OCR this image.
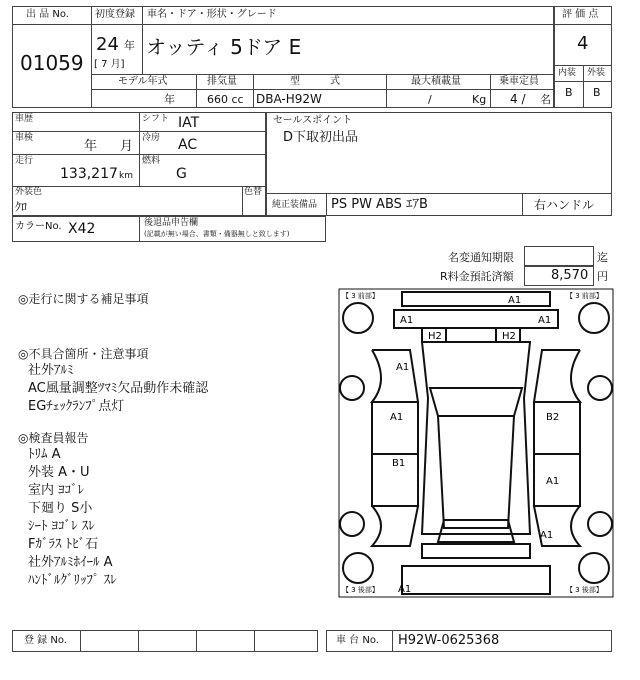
出 品 No.
01059
初度登録 車名・ドア・形状・グレード
24 年
[ 7 月]
オッティ 5ドア E
評 価 点
4
内装 外装
B B
モデル年式	排気量	型　　　式	最大積載量	乗車定員
年	660 cc DBA-H92W	/	Kg 4 / 名
車歴	シフト IAT
車検
年 月
冷房 AC
走行
133,217 km
燃料
G
外装色
ｸﾛ
色替
カラーNo. X42	後退品申告欄
(記載が無い場合、書類・備器無しと致します)
セールスポイント
D下取初出品
純正装備品 PS PW ABS ｴｱB	右ハンドル
名変通知期限	迄
R料金預託済額	8,570 円
◎走行に関する補足事項
◎不具合箇所・注意事項
社外ｱﾙﾐ
AC風量調整ﾂﾏﾐ欠品動作未確認
EGﾁｪｯｸﾗﾝﾌﾟ点灯
◎検査員報告
ﾄﾘﾑ A
外装 A・U
室内 ﾖｺﾞﾚ
下廻り S小
ｼｰﾄ ﾖｺﾞﾚ ｽﾚ
Fｶﾞﾗｽ ﾄﾋﾞ石
社外ｱﾙﾐﾎｲｰﾙ A
ﾊﾝﾄﾞﾙｸﾞﾘｯﾌﾟ ｽﾚ
【 3 前部】	【 3 前部】
【 3 後部】	【 3 後部】
A1
A1	A1
H2	H2
A1
A1	B2
B1
A1
A1
A1
登 録 No.	車 台 No. H92W-0625368
